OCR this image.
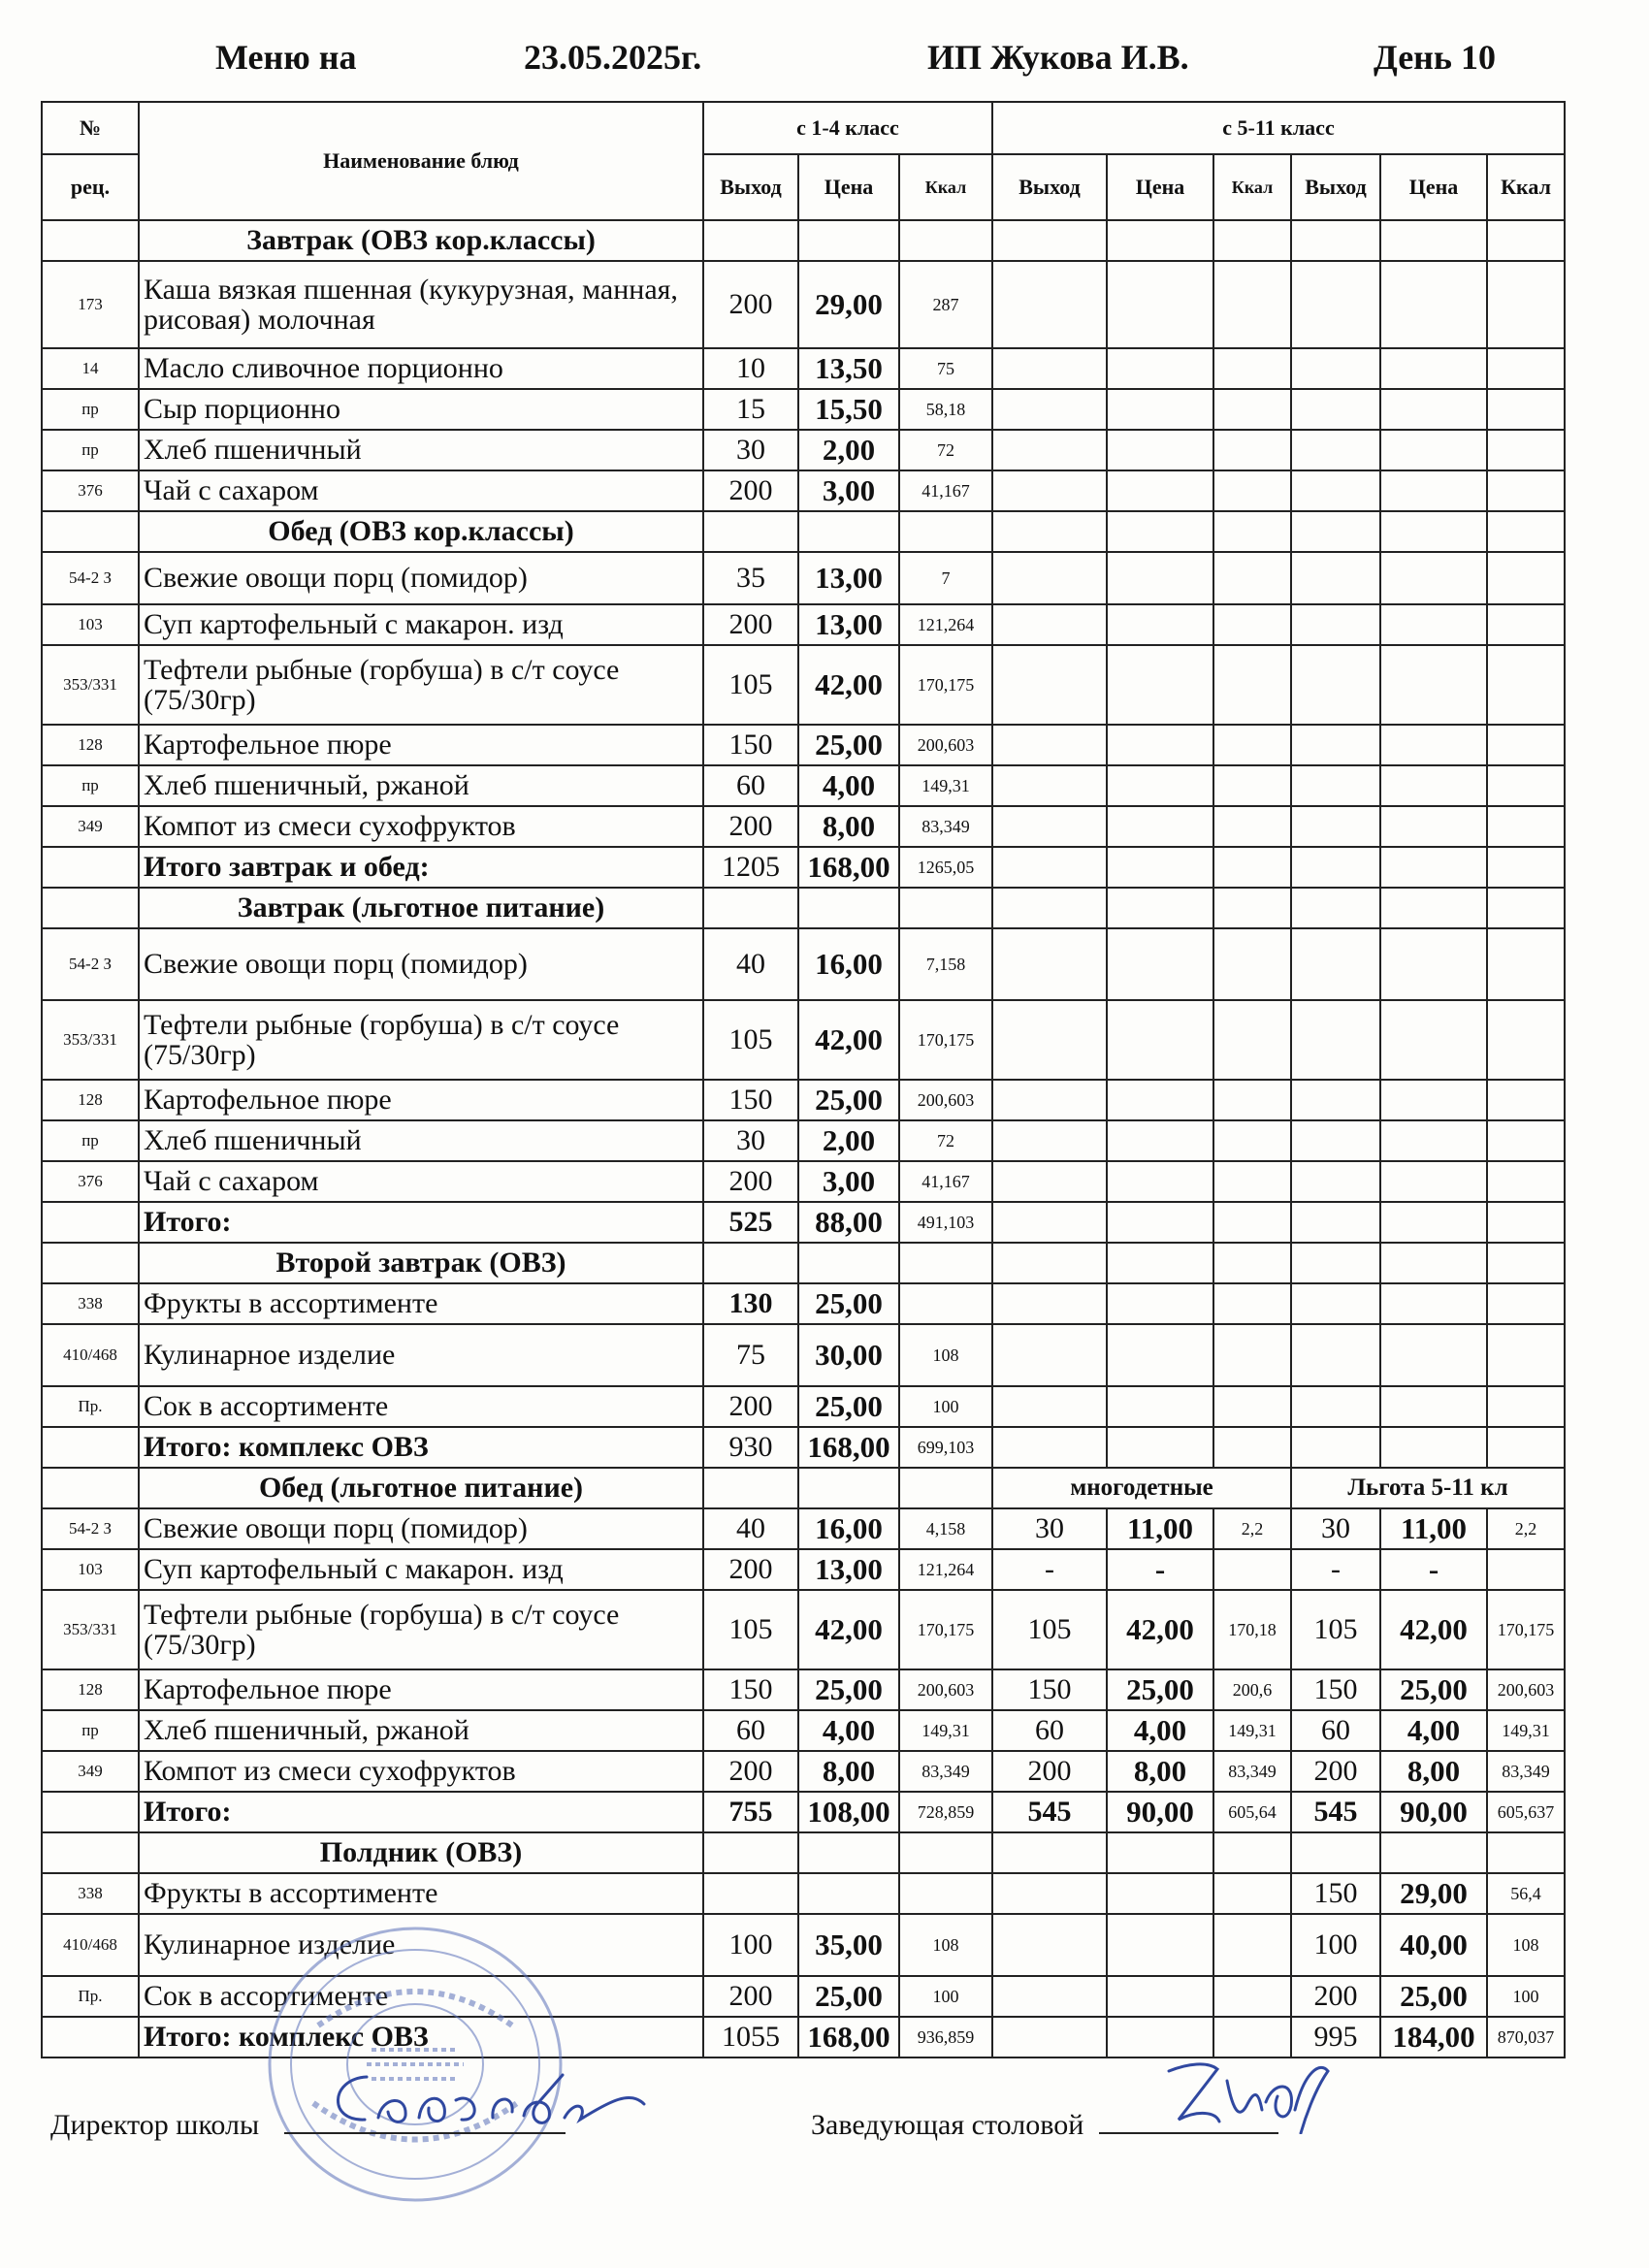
Меню на	23.05.2025г.	ИП Жукова И.В.	День 10
№	Наименование блюд	с 1-4 класс			с 5-11 класс					
рец.		Выход	Цена	Ккал	Выход	Цена	Ккал	Выход	Цена	Ккал
	Завтрак (ОВЗ кор.классы)									
173	Каша вязкая пшенная (кукурузная, манная, рисовая) молочная	200	29,00	287						
14	Масло сливочное порционно	10	13,50	75						
пр	Сыр порционно	15	15,50	58,18						
пр	Хлеб пшеничный	30	2,00	72						
376	Чай с сахаром	200	3,00	41,167						
	Обед (ОВЗ кор.классы)									
54-2 З	Свежие овощи порц (помидор)	35	13,00	7						
103	Суп картофельный с макарон. изд	200	13,00	121,264						
353/331	Тефтели рыбные (горбуша) в с/т соусе (75/30гр)	105	42,00	170,175						
128	Картофельное пюре	150	25,00	200,603						
пр	Хлеб пшеничный, ржаной	60	4,00	149,31						
349	Компот из смеси сухофруктов	200	8,00	83,349						
	Итого завтрак и обед:	1205	168,00	1265,05						
	Завтрак (льготное питание)									
54-2 З	Свежие овощи порц (помидор)	40	16,00	7,158						
353/331	Тефтели рыбные (горбуша) в с/т соусе (75/30гр)	105	42,00	170,175						
128	Картофельное пюре	150	25,00	200,603						
пр	Хлеб пшеничный	30	2,00	72						
376	Чай с сахаром	200	3,00	41,167						
	Итого:	525	88,00	491,103						
	Второй завтрак (ОВЗ)									
338	Фрукты в ассортименте	130	25,00							
410/468	Кулинарное изделие	75	30,00	108						
Пр.	Сок в ассортименте	200	25,00	100						
	Итого: комплекс ОВЗ	930	168,00	699,103						
	Обед (льготное питание)				многодетные			Льгота 5-11 кл		
54-2 З	Свежие овощи порц (помидор)	40	16,00	4,158	30	11,00	2,2	30	11,00	2,2
103	Суп картофельный с макарон. изд	200	13,00	121,264	-	-		-	-	
353/331	Тефтели рыбные (горбуша) в с/т соусе (75/30гр)	105	42,00	170,175	105	42,00	170,18	105	42,00	170,175
128	Картофельное пюре	150	25,00	200,603	150	25,00	200,6	150	25,00	200,603
пр	Хлеб пшеничный, ржаной	60	4,00	149,31	60	4,00	149,31	60	4,00	149,31
349	Компот из смеси сухофруктов	200	8,00	83,349	200	8,00	83,349	200	8,00	83,349
	Итого:	755	108,00	728,859	545	90,00	605,64	545	90,00	605,637
	Полдник (ОВЗ)									
338	Фрукты в ассортименте							150	29,00	56,4
410/468	Кулинарное изделие	100	35,00	108				100	40,00	108
Пр.	Сок в ассортименте	200	25,00	100				200	25,00	100
	Итого: комплекс ОВЗ	1055	168,00	936,859				995	184,00	870,037
Директор школы	Заведующая столовой
